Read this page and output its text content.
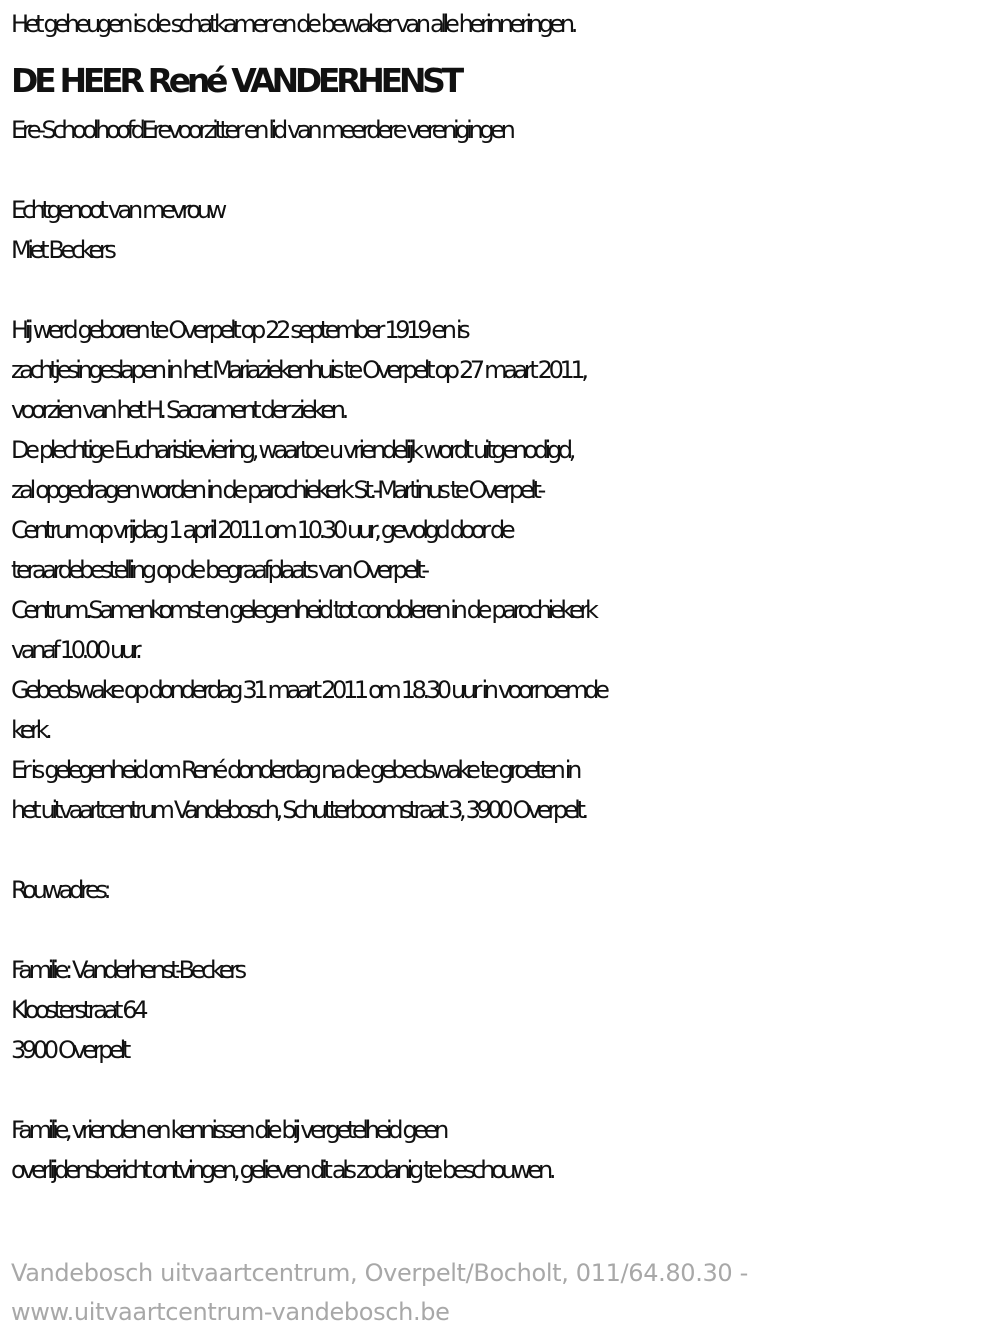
Het geheugen is de schatkamer en de bewaker van alle herinneringen.
DE HEER René VANDERHENST
Ere-SchoolhoofdErevoorzitter en lid van meerdere verenigingen
Echtgenoot van mevrouw
Miet Beckers
Hij werd geboren te Overpelt op 22 september 1919 en is
zachtjesingeslapen in het Mariaziekenhuis te Overpelt op 27 maart 2011,
voorzien van het H. Sacrament der zieken.
De plechtige Eucharistieviering, waartoe u vriendelijk wordt uitgenodigd,
zal opgedragen worden in de parochiekerk St.-Martinus te Overpelt-
Centrum op vrijdag 1 april 2011 om 10.30 uur, gevolgd door de
teraardebestelling op de begraafplaats van Overpelt-
Centrum.Samenkomst en gelegenheid tot condoleren in de parochiekerk
vanaf 10.00 uur.
Gebedswake op donderdag 31 maart 2011 om 18.30 uur in voornoemde
kerk.
Er is gelegenheid om René donderdag na de gebedswake te groeten in
het uitvaartcentrum Vandebosch, Schutterboomstraat 3, 3900 Overpelt.
Rouwadres:
Familie: Vanderhenst-Beckers
Kloosterstraat 64
3900 Overpelt
Familie, vrienden en kennissen die bij vergetelheid geen
overlijdensbericht ontvingen, gelieven dit als zodanig te beschouwen.
Vandebosch uitvaartcentrum, Overpelt/Bocholt, 011/64.80.30 -
www.uitvaartcentrum-vandebosch.be
